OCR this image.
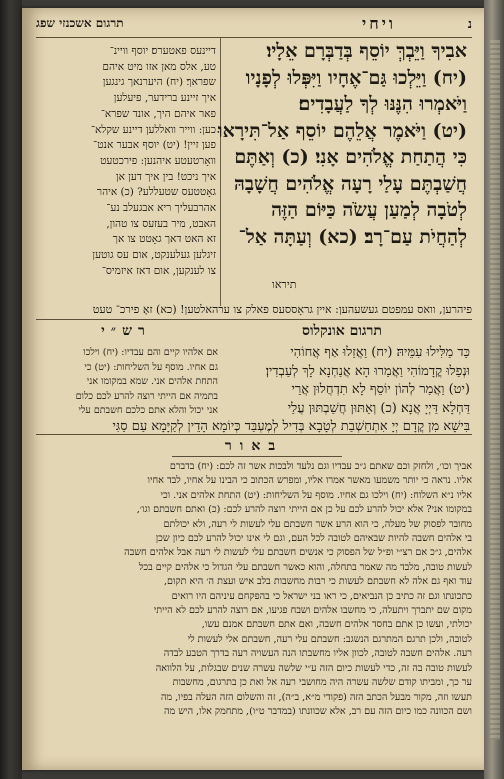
תרגום אשכנזי שפג	ויחי	נ

אבִיךָ וַיֵּבְךְּ יוֹסֵף בְּדַבְּרָם אֵלָיו׃

(יח) וַיֵּלְכוּ גַּם־אֶחָיו וַיִּפְּלוּ לְפָנָיו

וַיֹּאמְרוּ הִנֶּנּוּ לְךָ לַעֲבָדִים׃

(יט) וַיֹּאמֶר אֲלֵהֶם יוֹסֵף אַל־תִּירָאוּ

כִּי הֲתַחַת אֱלֹהִים אָנִי׃ (כ) וְאַתֶּם

חֲשַׁבְתֶּם עָלַי רָעָה אֱלֹהִים חֲשָׁבָהּ

לְטֹבָה לְמַעַן עֲשֹׂה כַּיּוֹם הַזֶּה

לְהַחֲיֹת עַם־רָב׃ (כא) וְעַתָּה אַל־

תיראו

דיינעס פאטערס׃ יוסף וויינ־

טע, אלס מאן אזו מיט איהם

שפראך׃ (יח) היערנאך גינגען

איך זיינע ברידער, פיעלען

פאר איהם היך, אונד שפרא־

כען: ווייר וואללען דיינע שקלא־

פען זיין! (יט) יוסף אבער אנט־

וואָרטעטע איהנען: פירכטעט

איך ניכט! בין איך דען אן

גאָטטעס שטעללע? (כ) איהר

אהרבעליך ריא אבגעלב נע־

האבט, מיר בעזעס צו טהון,

זא האט דאך גאָטט צו אך

זיגלען געלענקט, אום עס גוטען

צו לענקען, אום דאז איזמיס־

פיהרען, וואס עמפטם געשעהען: איין גראָססעס פאלק צו ערהאלטען! (כא) זאָ פירכ־ טעט
תרגום אונקלוס

כַּד מַלִּילוּ עִמֵּיהּ׃ (יח) וַאֲזַלוּ אַף אֲחוֹהִי

וּנְפַלוּ קֳדָמוֹהִי וַאֲמַרוּ הָא אֲנַחְנָא לָךְ לְעַבְדִין׃

(יט) וַאֲמַר לְהוֹן יוֹסֵף לָא תִדְחֲלוּן אֲרֵי

דַּחְלָא דַּיְיָ אֲנָא׃ (כ) וְאַתּוּן חֲשַׁבְתּוּן עֲלַי

בִּישָׁא מִן קֳדָם יְיָ אִתְחַשְׁבַת לְטָבָא בְּדִיל לְמֶעְבַּד כְּיוֹמָא הָדֵין לְקַיָּמָא עַם סַגִּי

רש״י

אם אלהיו קיים והם עבדיו: (יח) וילכו

גם אחיו. מוסף על השליחות: (יט) כי

התחת אלהים אני. שמא במקומו אני

בתמיה אם הייתי רוצה להרע לכם כלום

אני יכול והלא אתם כלכם חשבתם עלי

באור

אביך וכו׳, ולחזק וכם שאתם ג״כ עבדיו וגם נלעד ולבכות אשר זה לכם: (יח) בדברם

אליו. נראה כי יותר משמעו מאשר אמרו אליו, ומפרש הכתוב כי הבינו על אחיו, לבד אחיו

אליו נ״א השלוח: (יח) וילכו גם אחיו. מוסף על השליחות: (יט) התחת אלהים אני. וכי

במקומו אני? אלא יכול להרע לכם על כן אם הייתי רוצה להרע לכם: (כ) ואתם חשבתם וגו׳,

מחובר לפסוק של מעלה, כי הוא הרע אשר חשבתם עלי לעשות לי רעה, ולא יכולתם

בי אלהים חשבה להיות שבאיהם לטובה לכל העם, וגם לי אינו יכול להרע לכם כיון שכן

אלהים, ג״כ אם רצ״י ופ״ל של הפסוק כי אנשים חשבתם עלי לעשות לי רעה אבל אלהים חשבה

לעשות טובה, מלבד מה שאמר בתחלה, והוא כאשר חשבתם עלי הגדול כי אלהים קיים בכל

עוד ואף גם אלה לא חשבתם לעשות כי רבות מחשבות בלב איש ועצת ה׳ היא תקום,

כתכונתו וגם זה כתיב כן הנביאים, כי ראו בני ישראל כי בהפקחם עיניהם היו רואים

מקום שם יתברך ויתעלה, כי מחשבו אלהים ושבח פגיעו, אם רוצה להרע לכם לא הייתי

יכולתי, ועשו כן אתם בחסד אלהים חשבה, ואם אתם חשבתם אמנם עשו,

לטובה, ולכן תרגם המתרגם הנשגב: חשבתם עלי רעה, חשבתם אלי לעשות לי

רעה. אלהים חשבה לטובה, לכוון אליו מחשבתו הנה העשויה רעה בדרך הטבע לבדה

לעשות טובה בה זה, כדי לעשות כיום הזה ע״י שלשה עשרה שנים שבגלות, על הלוואה

ער כך, ומביתו קודם שלשה עשרה היה מחושבי רעה אל ואת כן בתרגום, מחשבות

תעשו וזה, מקור מבעל הכתב הזה (פקודי מ״א, ב״ה), זה והשלום הזה העלה בפיו, מה

ושם הכוונה כמו כיום הזה עם רב, אלא שכוונתו (במדבר ט״ו), מתחמק אלו, היש מה
